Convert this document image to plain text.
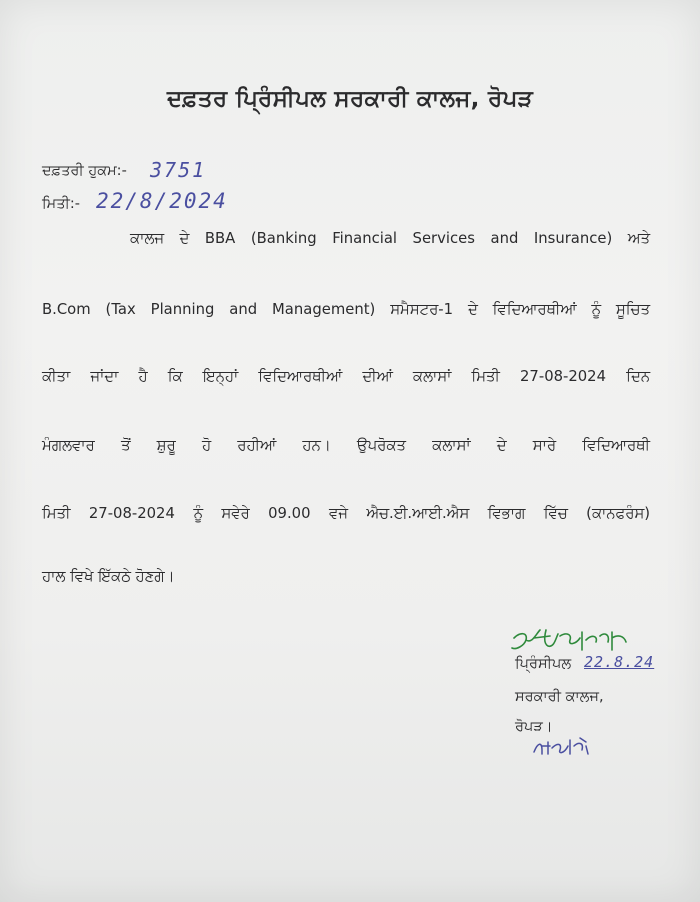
ਦਫ਼ਤਰ ਪ੍ਰਿੰਸੀਪਲ ਸਰਕਾਰੀ ਕਾਲਜ, ਰੋਪੜ
ਦਫ਼ਤਰੀ ਹੁਕਮ:- 3751
ਮਿਤੀ:- 22/8/2024
ਕਾਲਜ ਦੇ BBA (Banking Financial Services and Insurance) ਅਤੇ
B.Com (Tax Planning and Management) ਸਮੈਸਟਰ-1 ਦੇ ਵਿਦਿਆਰਥੀਆਂ ਨੂੰ ਸੂਚਿਤ
ਕੀਤਾ ਜਾਂਦਾ ਹੈ ਕਿ ਇਨ੍ਹਾਂ ਵਿਦਿਆਰਥੀਆਂ ਦੀਆਂ ਕਲਾਸਾਂ ਮਿਤੀ 27-08-2024 ਦਿਨ
ਮੰਗਲਵਾਰ ਤੋਂ ਸ਼ੁਰੂ ਹੋ ਰਹੀਆਂ ਹਨ। ਉਪਰੋਕਤ ਕਲਾਸਾਂ ਦੇ ਸਾਰੇ ਵਿਦਿਆਰਥੀ
ਮਿਤੀ 27-08-2024 ਨੂੰ ਸਵੇਰੇ 09.00 ਵਜੇ ਐਚ.ਈ.ਆਈ.ਐਸ ਵਿਭਾਗ ਵਿੱਚ (ਕਾਨਫਰੰਸ)
ਹਾਲ ਵਿਖੇ ਇੱਕਠੇ ਹੋਣਗੇ।
ਪ੍ਰਿੰਸੀਪਲ 22.8.24
ਸਰਕਾਰੀ ਕਾਲਜ,
ਰੋਪੜ।
